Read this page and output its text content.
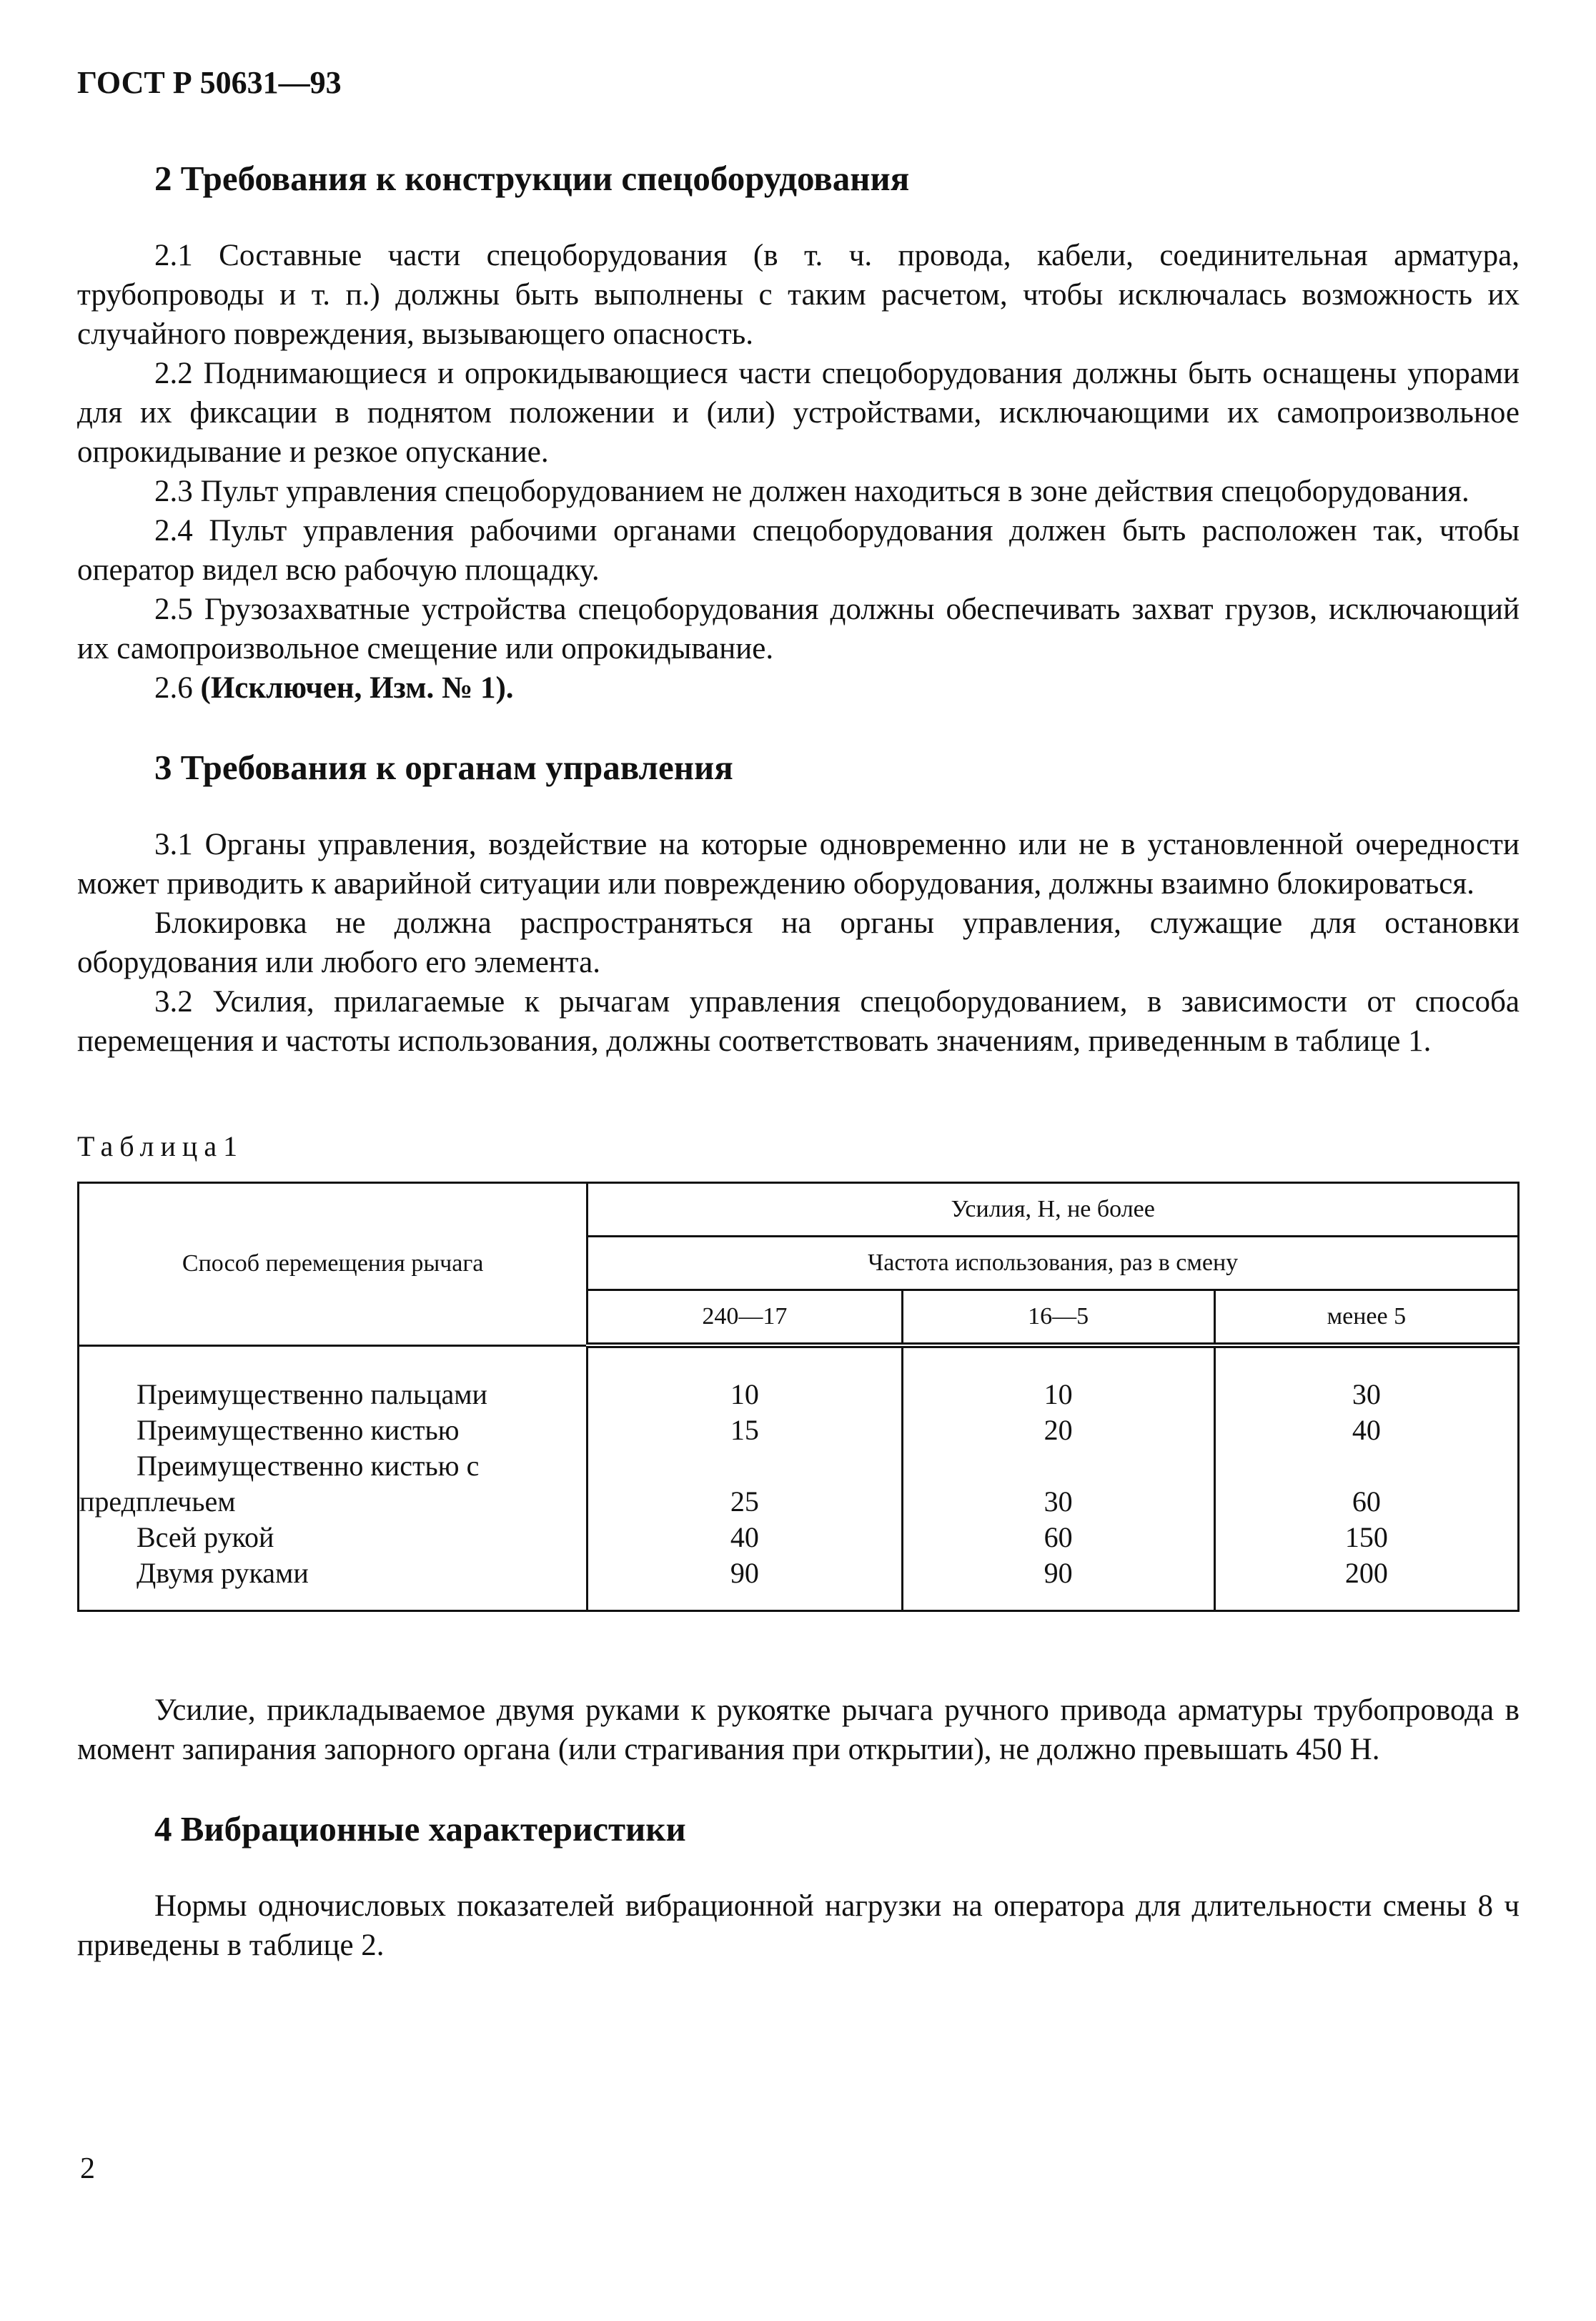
ГОСТ Р 50631—93
2 Требования к конструкции спецоборудования

2.1 Составные части спецоборудования (в т. ч. провода, кабели, соединительная арматура, трубопроводы и т. п.) должны быть выполнены с таким расчетом, чтобы исключалась возможность их случайного повреждения, вызывающего опасность.

2.2 Поднимающиеся и опрокидывающиеся части спецоборудования должны быть оснащены упорами для их фиксации в поднятом положении и (или) устройствами, исключающими их самопроизвольное опрокидывание и резкое опускание.

2.3 Пульт управления спецоборудованием не должен находиться в зоне действия спецоборудования.

2.4 Пульт управления рабочими органами спецоборудования должен быть расположен так, чтобы оператор видел всю рабочую площадку.

2.5 Грузозахватные устройства спецоборудования должны обеспечивать захват грузов, исключающий их самопроизвольное смещение или опрокидывание.

2.6 (Исключен, Изм. № 1).

3 Требования к органам управления

3.1 Органы управления, воздействие на которые одновременно или не в установленной очередности может приводить к аварийной ситуации или повреждению оборудования, должны взаимно блокироваться.

Блокировка не должна распространяться на органы управления, служащие для остановки оборудования или любого его элемента.

3.2 Усилия, прилагаемые к рычагам управления спецоборудованием, в зависимости от способа перемещения и частоты использования, должны соответствовать значениям, приведенным в таблице 1.

Таблица1
Способ перемещения рычага	Усилия, Н, не более		
	Частота использования, раз в смену		
	240—17	16—5	менее 5
Преимущественно пальцами	10	10	30
Преимущественно кистью	15	20	40

Преимущественно кистью с
предплечьем	25	30	60
Всей рукой	40	60	150
Двумя руками	90	90	200

Усилие, прикладываемое двумя руками к рукоятке рычага ручного привода арматуры трубопровода в момент запирания запорного органа (или страгивания при открытии), не должно превышать 450 Н.

4 Вибрационные характеристики

Нормы одночисловых показателей вибрационной нагрузки на оператора для длительности смены 8 ч приведены в таблице 2.

2
